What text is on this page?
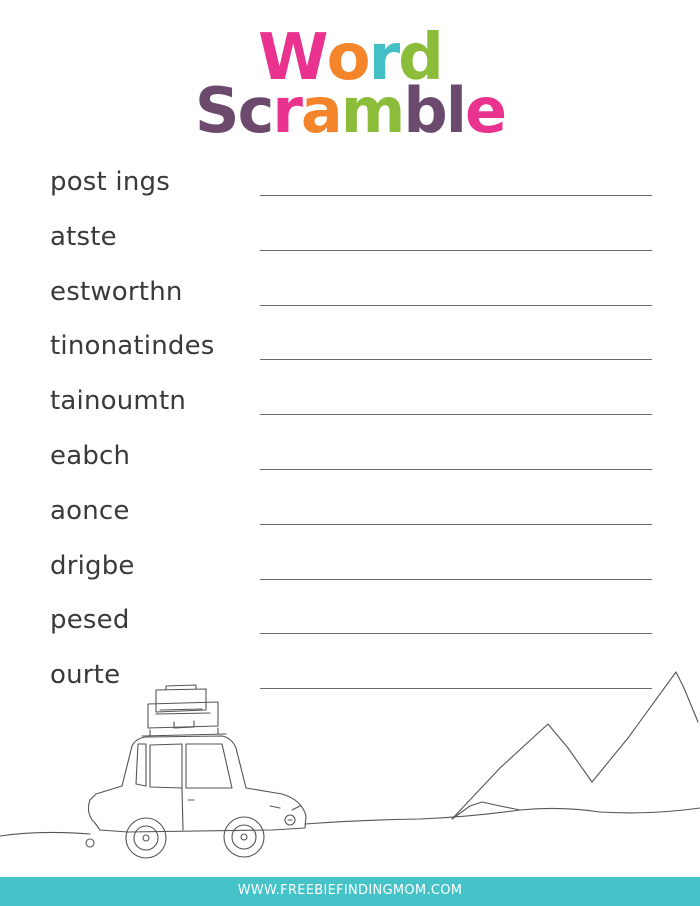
Word
Scramble
post ings
atste
estworthn
tinonatindes
tainoumtn
eabch
aonce
drigbe
pesed
ourte
WWW.FREEBIEFINDINGMOM.COM
